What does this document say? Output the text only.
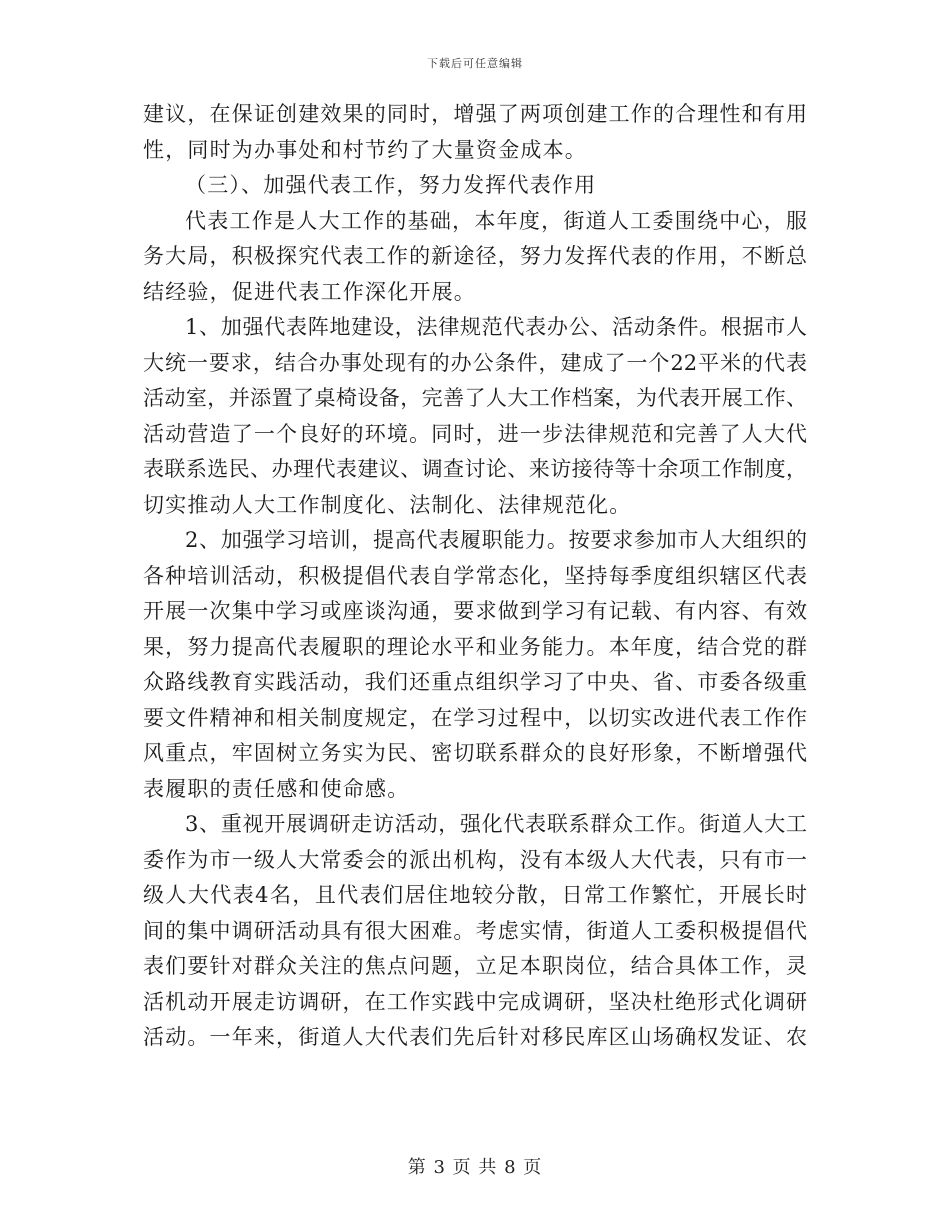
下载后可任意编辑
建议，在保证创建效果的同时，增强了两项创建工作的合理性和有用
性，同时为办事处和村节约了大量资金成本。
（三）、加强代表工作，努力发挥代表作用
代表工作是人大工作的基础，本年度，街道人工委围绕中心，服
务大局，积极探究代表工作的新途径，努力发挥代表的作用，不断总
结经验，促进代表工作深化开展。
1、加强代表阵地建设，法律规范代表办公、活动条件。根据市人
大统一要求，结合办事处现有的办公条件，建成了一个22平米的代表
活动室，并添置了桌椅设备，完善了人大工作档案，为代表开展工作、
活动营造了一个良好的环境。同时，进一步法律规范和完善了人大代
表联系选民、办理代表建议、调查讨论、来访接待等十余项工作制度，
切实推动人大工作制度化、法制化、法律规范化。
2、加强学习培训，提高代表履职能力。按要求参加市人大组织的
各种培训活动，积极提倡代表自学常态化，坚持每季度组织辖区代表
开展一次集中学习或座谈沟通，要求做到学习有记载、有内容、有效
果，努力提高代表履职的理论水平和业务能力。本年度，结合党的群
众路线教育实践活动，我们还重点组织学习了中央、省、市委各级重
要文件精神和相关制度规定，在学习过程中，以切实改进代表工作作
风重点，牢固树立务实为民、密切联系群众的良好形象，不断增强代
表履职的责任感和使命感。
3、重视开展调研走访活动，强化代表联系群众工作。街道人大工
委作为市一级人大常委会的派出机构，没有本级人大代表，只有市一
级人大代表4名，且代表们居住地较分散，日常工作繁忙，开展长时
间的集中调研活动具有很大困难。考虑实情，街道人工委积极提倡代
表们要针对群众关注的焦点问题，立足本职岗位，结合具体工作，灵
活机动开展走访调研，在工作实践中完成调研，坚决杜绝形式化调研
活动。一年来，街道人大代表们先后针对移民库区山场确权发证、农
第 3 页 共 8 页
